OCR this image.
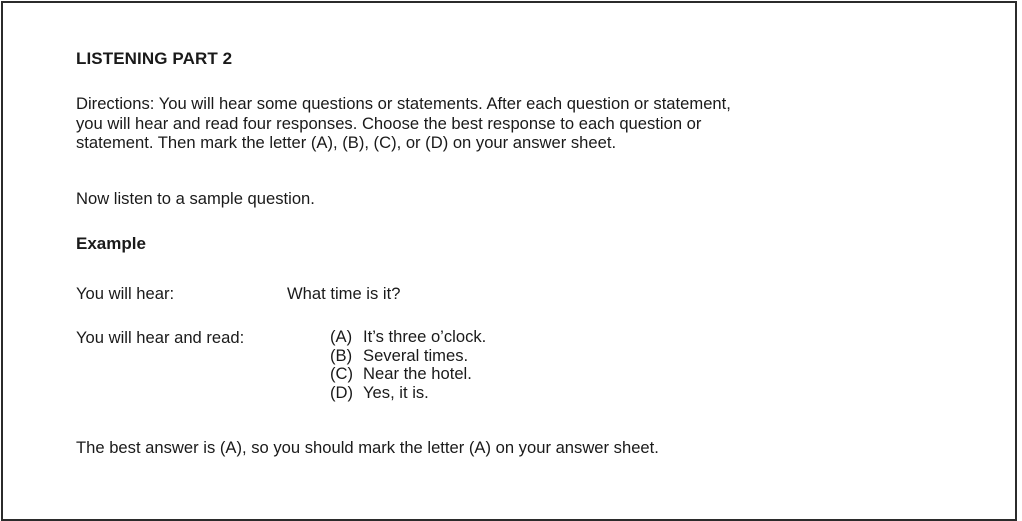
LISTENING PART 2
Directions: You will hear some questions or statements. After each question or statement,
you will hear and read four responses. Choose the best response to each question or
statement. Then mark the letter (A), (B), (C), or (D) on your answer sheet.
Now listen to a sample question.
Example
You will hear:	What time is it?
You will hear and read:	(A) It’s three o’clock.
(B) Several times.
(C) Near the hotel.
(D) Yes, it is.
The best answer is (A), so you should mark the letter (A) on your answer sheet.
